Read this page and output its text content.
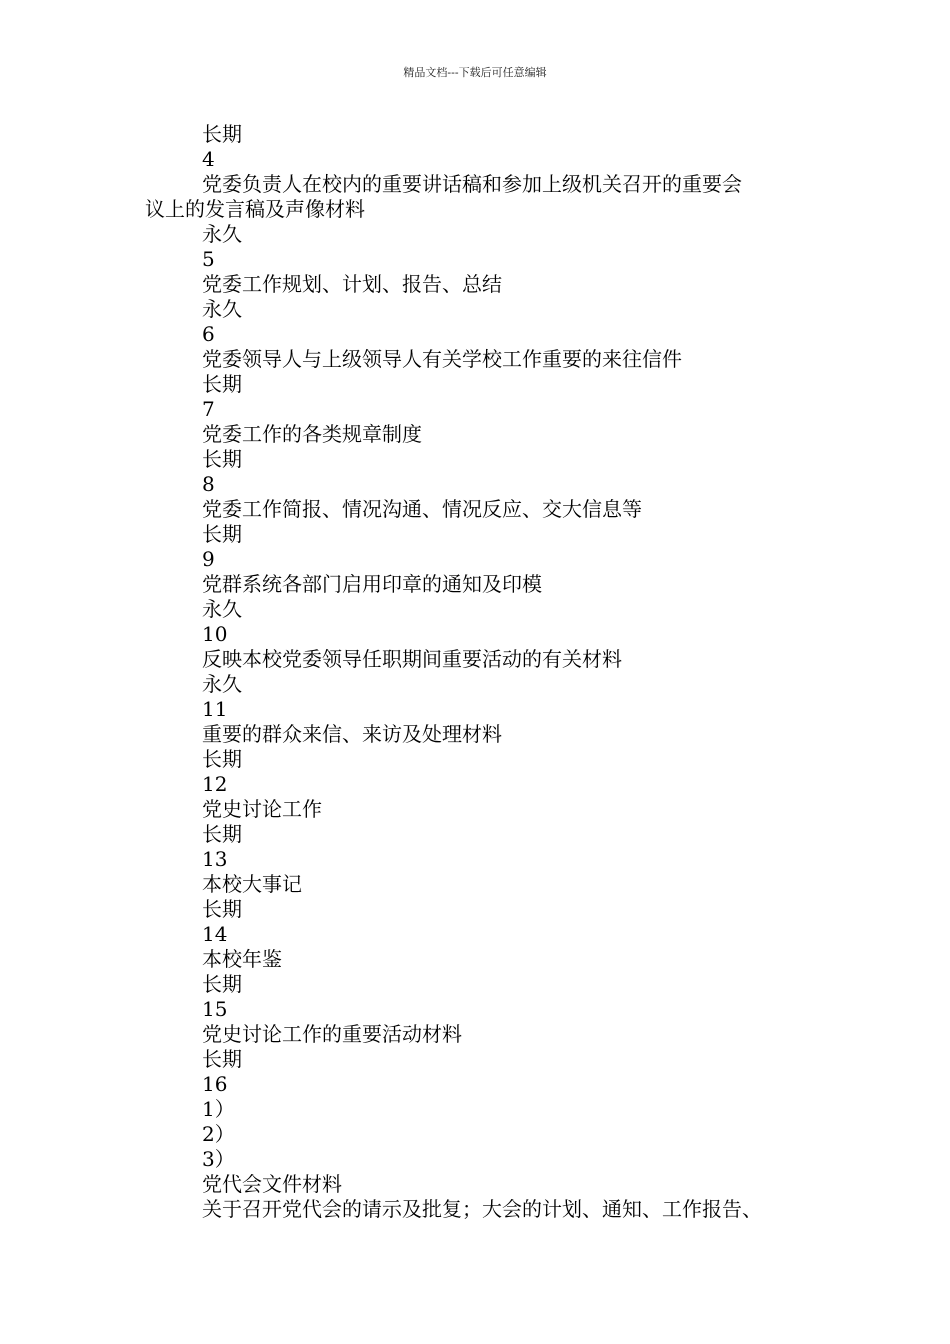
精品文档---下载后可任意编辑
长期
4
党委负责人在校内的重要讲话稿和参加上级机关召开的重要会
议上的发言稿及声像材料
永久
5
党委工作规划、计划、报告、总结
永久
6
党委领导人与上级领导人有关学校工作重要的来往信件
长期
7
党委工作的各类规章制度
长期
8
党委工作简报、情况沟通、情况反应、交大信息等
长期
9
党群系统各部门启用印章的通知及印模
永久
10
反映本校党委领导任职期间重要活动的有关材料
永久
11
重要的群众来信、来访及处理材料
长期
12
党史讨论工作
长期
13
本校大事记
长期
14
本校年鉴
长期
15
党史讨论工作的重要活动材料
长期
16
1）
2）
3）
党代会文件材料
关于召开党代会的请示及批复；大会的计划、通知、工作报告、
